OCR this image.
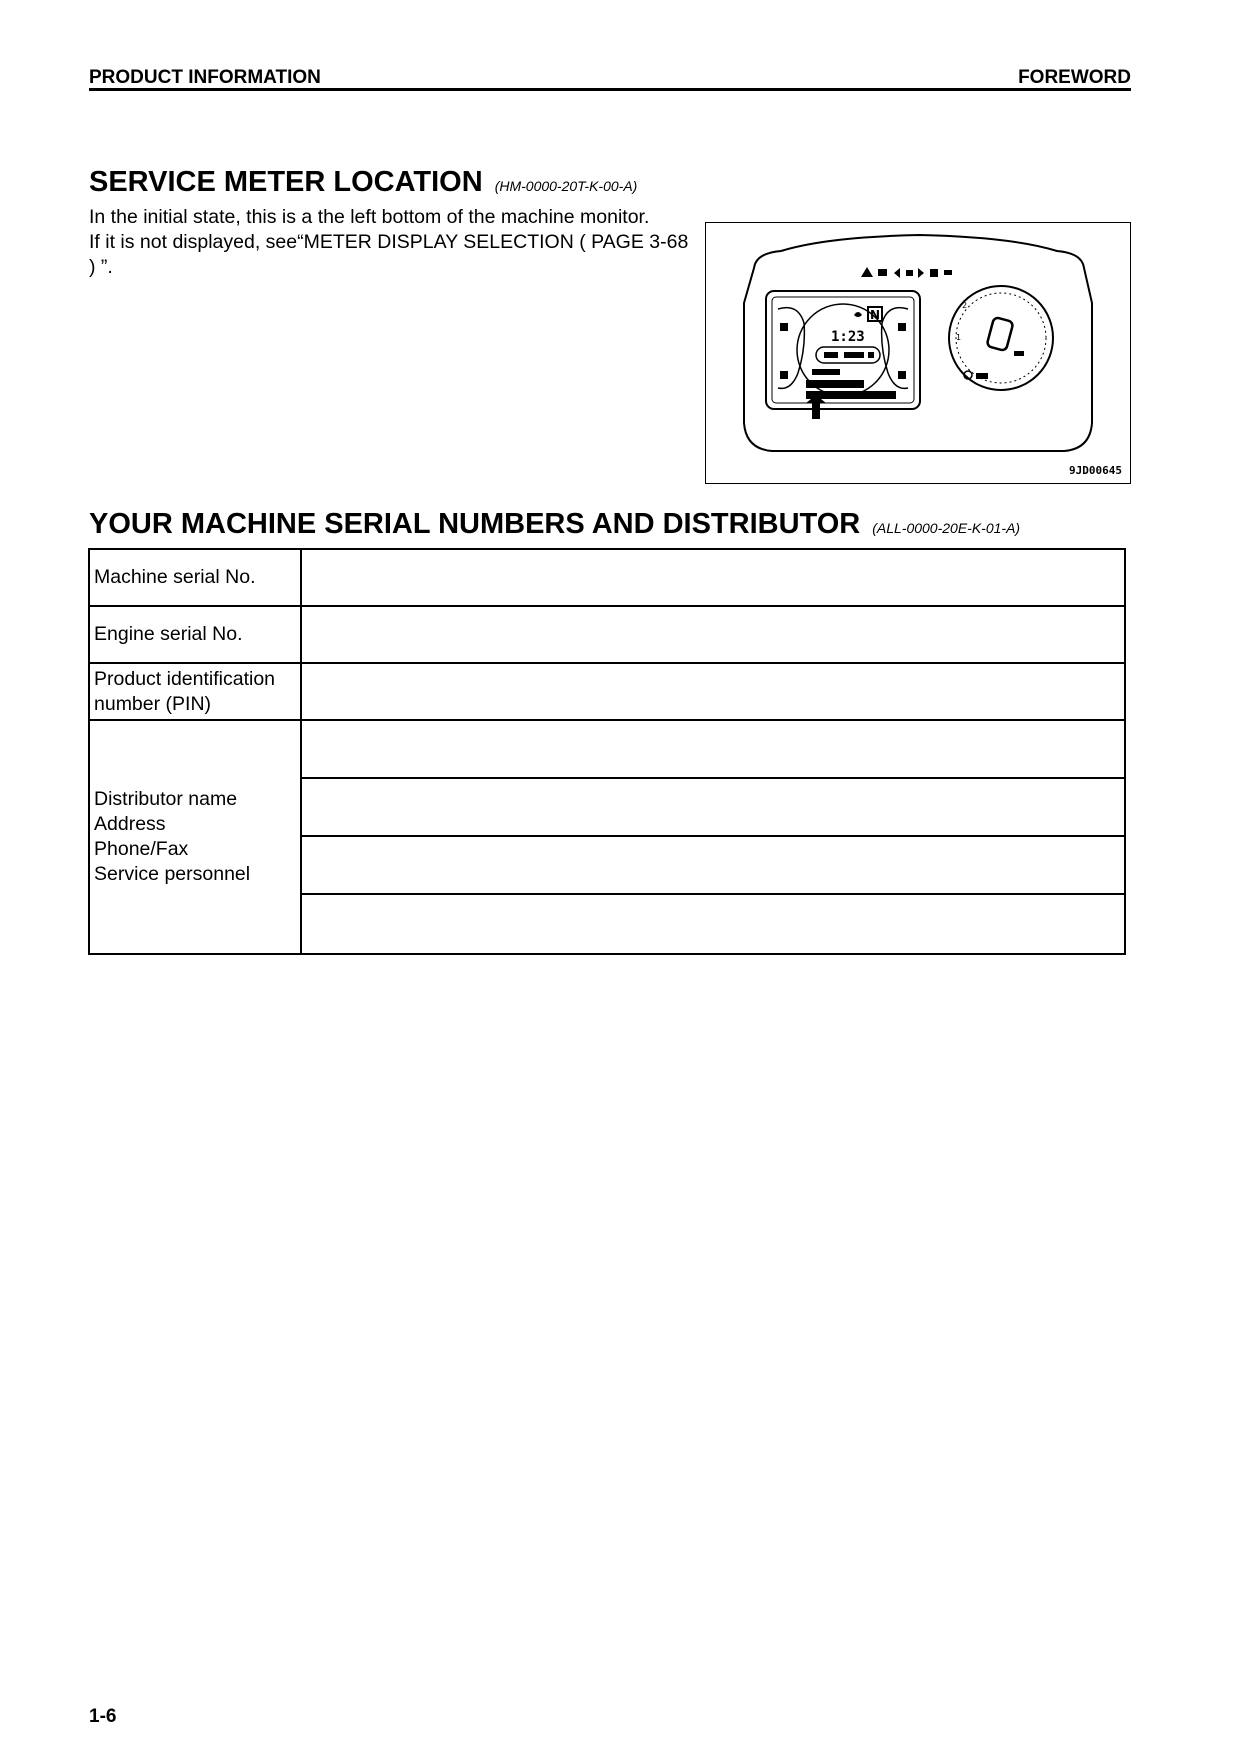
PRODUCT INFORMATION	FOREWORD
SERVICE METER LOCATION (HM-0000-20T-K-00-A)

In the initial state, this is a the left bottom of the machine monitor.

If it is not displayed, see“METER DISPLAY SELECTION ( PAGE 3-68 ) ”.

N
1:23	1
2
9JD00645
YOUR MACHINE SERIAL NUMBERS AND DISTRIBUTOR (ALL-0000-20E-K-01-A)
Machine serial No.	
Engine serial No.	

Product identification
number (PIN)	

Distributor name
Address
Phone/Fax
Service personnel	

1-6
